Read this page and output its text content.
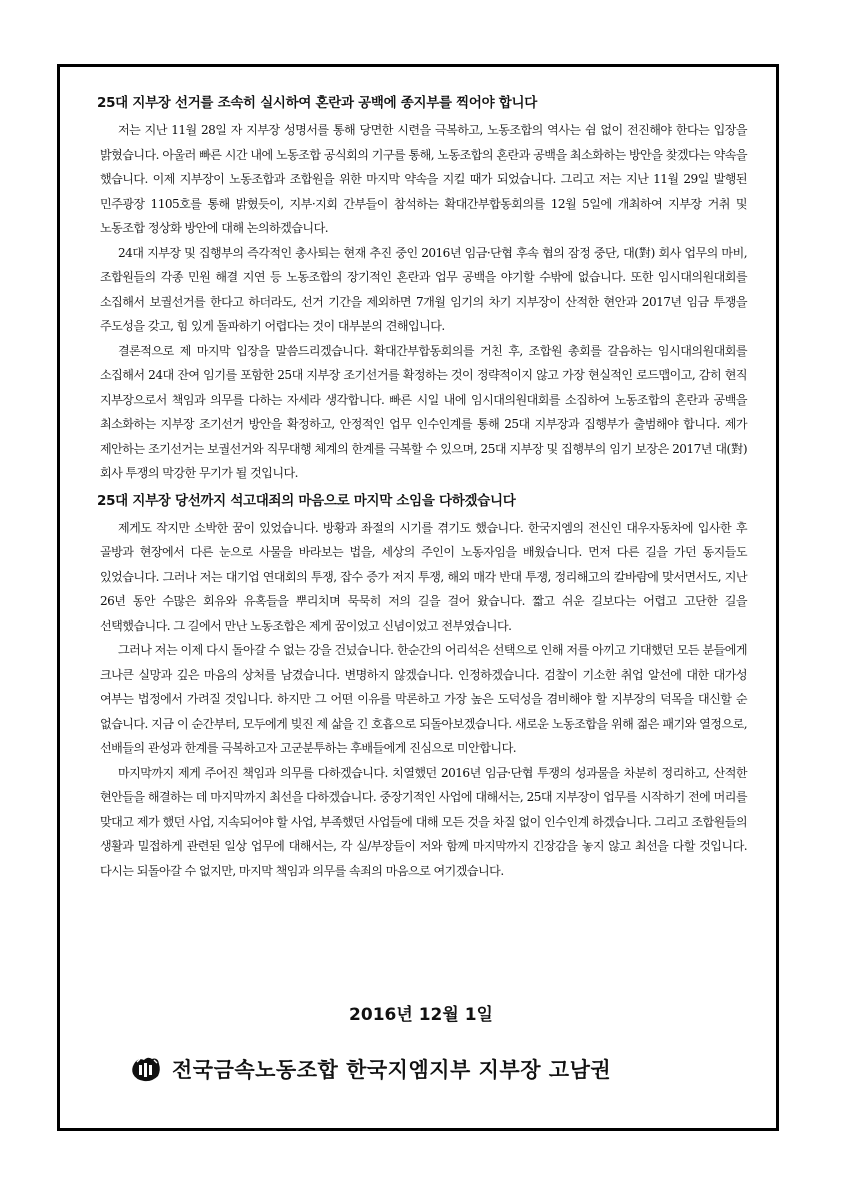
25대 지부장 선거를 조속히 실시하여 혼란과 공백에 종지부를 찍어야 합니다

저는 지난 11월 28일 자 지부장 성명서를 통해 당면한 시련을 극복하고, 노동조합의 역사는 쉼 없이 전진해야 한다는 입장을 밝혔습니다. 아울러 빠른 시간 내에 노동조합 공식회의 기구를 통해, 노동조합의 혼란과 공백을 최소화하는 방안을 찾겠다는 약속을 했습니다. 이제 지부장이 노동조합과 조합원을 위한 마지막 약속을 지킬 때가 되었습니다. 그리고 저는 지난 11월 29일 발행된 민주광장 1105호를 통해 밝혔듯이, 지부·지회 간부들이 참석하는 확대간부합동회의를 12월 5일에 개최하여 지부장 거취 및 노동조합 정상화 방안에 대해 논의하겠습니다.

24대 지부장 및 집행부의 즉각적인 총사퇴는 현재 추진 중인 2016년 임금·단협 후속 협의 잠정 중단, 대(對) 회사 업무의 마비, 조합원들의 각종 민원 해결 지연 등 노동조합의 장기적인 혼란과 업무 공백을 야기할 수밖에 없습니다. 또한 임시대의원대회를 소집해서 보궐선거를 한다고 하더라도, 선거 기간을 제외하면 7개월 임기의 차기 지부장이 산적한 현안과 2017년 임금 투쟁을 주도성을 갖고, 힘 있게 돌파하기 어렵다는 것이 대부분의 견해입니다.

결론적으로 제 마지막 입장을 말씀드리겠습니다. 확대간부합동회의를 거친 후, 조합원 총회를 갈음하는 임시대의원대회를 소집해서 24대 잔여 임기를 포함한 25대 지부장 조기선거를 확정하는 것이 정략적이지 않고 가장 현실적인 로드맵이고, 감히 현직 지부장으로서 책임과 의무를 다하는 자세라 생각합니다. 빠른 시일 내에 임시대의원대회를 소집하여 노동조합의 혼란과 공백을 최소화하는 지부장 조기선거 방안을 확정하고, 안정적인 업무 인수인계를 통해 25대 지부장과 집행부가 출범해야 합니다. 제가 제안하는 조기선거는 보궐선거와 직무대행 체계의 한계를 극복할 수 있으며, 25대 지부장 및 집행부의 임기 보장은 2017년 대(對) 회사 투쟁의 막강한 무기가 될 것입니다.

25대 지부장 당선까지 석고대죄의 마음으로 마지막 소임을 다하겠습니다

제게도 작지만 소박한 꿈이 있었습니다. 방황과 좌절의 시기를 겪기도 했습니다. 한국지엠의 전신인 대우자동차에 입사한 후 골방과 현장에서 다른 눈으로 사물을 바라보는 법을, 세상의 주인이 노동자임을 배웠습니다. 먼저 다른 길을 가던 동지들도 있었습니다. 그러나 저는 대기업 연대회의 투쟁, 잡수 증가 저지 투쟁, 해외 매각 반대 투쟁, 정리해고의 칼바람에 맞서면서도, 지난 26년 동안 수많은 회유와 유혹들을 뿌리치며 묵묵히 저의 길을 걸어 왔습니다. 짧고 쉬운 길보다는 어렵고 고단한 길을 선택했습니다. 그 길에서 만난 노동조합은 제게 꿈이었고 신념이었고 전부였습니다.

그러나 저는 이제 다시 돌아갈 수 없는 강을 건넜습니다. 한순간의 어리석은 선택으로 인해 저를 아끼고 기대했던 모든 분들에게 크나큰 실망과 깊은 마음의 상처를 남겼습니다. 변명하지 않겠습니다. 인정하겠습니다. 검찰이 기소한 취업 알선에 대한 대가성 여부는 법정에서 가려질 것입니다. 하지만 그 어떤 이유를 막론하고 가장 높은 도덕성을 겸비해야 할 지부장의 덕목을 대신할 순 없습니다. 지금 이 순간부터, 모두에게 빚진 제 삶을 긴 호흡으로 되돌아보겠습니다. 새로운 노동조합을 위해 젊은 패기와 열정으로, 선배들의 관성과 한계를 극복하고자 고군분투하는 후배들에게 진심으로 미안합니다.

마지막까지 제게 주어진 책임과 의무를 다하겠습니다. 치열했던 2016년 임금·단협 투쟁의 성과물을 차분히 정리하고, 산적한 현안들을 해결하는 데 마지막까지 최선을 다하겠습니다. 중장기적인 사업에 대해서는, 25대 지부장이 업무를 시작하기 전에 머리를 맞대고 제가 했던 사업, 지속되어야 할 사업, 부족했던 사업들에 대해 모든 것을 차질 없이 인수인계 하겠습니다. 그리고 조합원들의 생활과 밀접하게 관련된 일상 업무에 대해서는, 각 실/부장들이 저와 함께 마지막까지 긴장감을 놓지 않고 최선을 다할 것입니다. 다시는 되돌아갈 수 없지만, 마지막 책임과 의무를 속죄의 마음으로 여기겠습니다.

2016년 12월 1일
전국금속노동조합 한국지엠지부 지부장 고남권
